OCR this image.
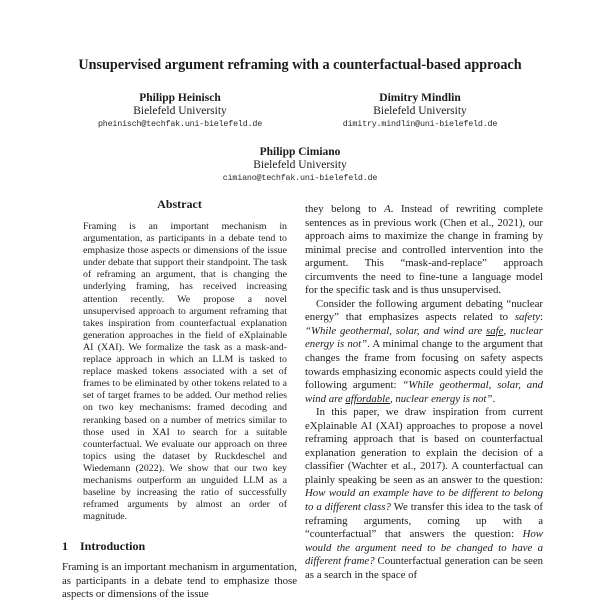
Unsupervised argument reframing with a counterfactual-based approach
Philipp Heinisch
Bielefeld University
pheinisch@techfak.uni-bielefeld.de
Dimitry Mindlin
Bielefeld University
dimitry.mindlin@uni-bielefeld.de
Philipp Cimiano
Bielefeld University
cimiano@techfak.uni-bielefeld.de
Abstract

Framing is an important mechanism in argumentation, as participants in a debate tend to emphasize those aspects or dimensions of the issue under debate that support their standpoint. The task of reframing an argument, that is changing the underlying framing, has received increasing attention recently. We propose a novel unsupervised approach to argument reframing that takes inspiration from counterfactual explanation generation approaches in the field of eXplainable AI (XAI). We formalize the task as a mask-and-replace approach in which an LLM is tasked to replace masked tokens associated with a set of frames to be eliminated by other tokens related to a set of target frames to be added. Our method relies on two key mechanisms: framed decoding and reranking based on a number of metrics similar to those used in XAI to search for a suitable counterfactual. We evaluate our approach on three topics using the dataset by Ruckdeschel and Wiedemann (2022). We show that our two key mechanisms outperform an unguided LLM as a baseline by increasing the ratio of successfully reframed arguments by almost an order of magnitude.

1 Introduction

Framing is an important mechanism in argumentation, as participants in a debate tend to emphasize those aspects or dimensions of the issue

they belong to A. Instead of rewriting complete sentences as in previous work (Chen et al., 2021), our approach aims to maximize the change in framing by minimal precise and controlled intervention into the argument. This “mask-and-replace” approach circumvents the need to fine-tune a language model for the specific task and is thus unsupervised.

Consider the following argument debating “nuclear energy” that emphasizes aspects related to safety: “While geothermal, solar, and wind are safe, nuclear energy is not”. A minimal change to the argument that changes the frame from focusing on safety aspects towards emphasizing economic aspects could yield the following argument: “While geothermal, solar, and wind are affordable, nuclear energy is not”.

In this paper, we draw inspiration from current eXplainable AI (XAI) approaches to propose a novel reframing approach that is based on counterfactual explanation generation to explain the decision of a classifier (Wachter et al., 2017). A counterfactual can plainly speaking be seen as an answer to the question: How would an example have to be different to belong to a different class? We transfer this idea to the task of reframing arguments, coming up with a “counterfactual” that answers the question: How would the argument need to be changed to have a different frame? Counterfactual generation can be seen as a search in the space of
